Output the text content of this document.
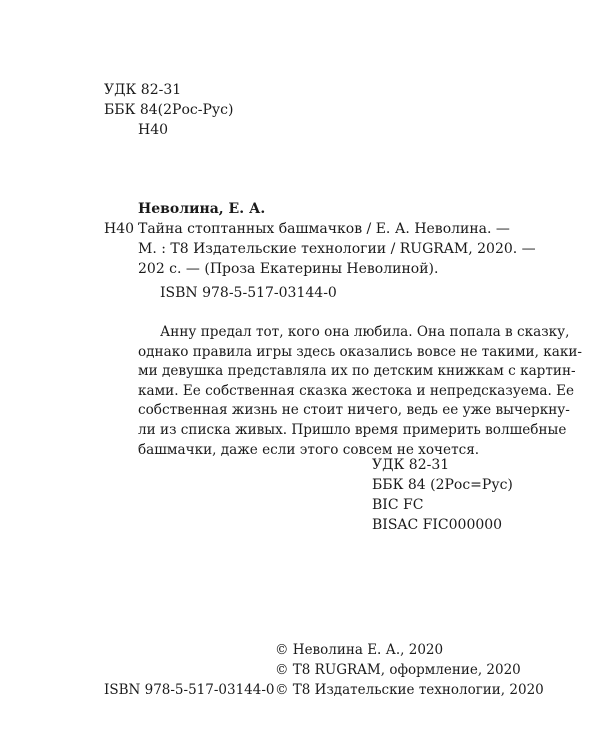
УДК 82-31
ББК 84(2Рос-Рус)
Н40
Неволина, Е. А.
Н40 Тайна стоптанных башмачков / Е. А. Неволина. —
М. : Т8 Издательские технологии / RUGRAM, 2020. —
202 с. — (Проза Екатерины Неволиной).
ISBN 978-5-517-03144-0
Анну предал тот, кого она любила. Она попала в сказку,
однако правила игры здесь оказались вовсе не такими, каки-
ми девушка представляла их по детским книжкам с картин-
ками. Ее собственная сказка жестока и непредсказуема. Ее
собственная жизнь не стоит ничего, ведь ее уже вычеркну-
ли из списка живых. Пришло время примерить волшебные
башмачки, даже если этого совсем не хочется.
УДК 82-31
ББК 84 (2Рос=Рус)
BIC FC
BISAC FIC000000
© Неволина Е. А., 2020
© Т8 RUGRAM, оформление, 2020
© Т8 Издательские технологии, 2020
ISBN 978-5-517-03144-0
